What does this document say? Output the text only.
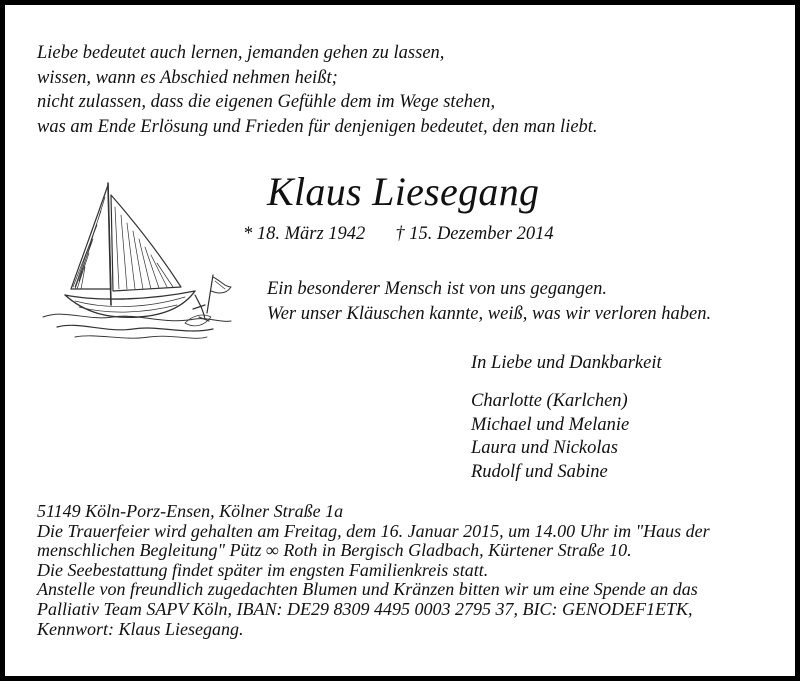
Liebe bedeutet auch lernen, jemanden gehen zu lassen,
wissen, wann es Abschied nehmen heißt;
nicht zulassen, dass die eigenen Gefühle dem im Wege stehen,
was am Ende Erlösung und Frieden für denjenigen bedeutet, den man liebt.
Klaus Liesegang
* 18. März 1942 † 15. Dezember 2014
Ein besonderer Mensch ist von uns gegangen.
Wer unser Kläuschen kannte, weiß, was wir verloren haben.
In Liebe und Dankbarkeit
Charlotte (Karlchen)
Michael und Melanie
Laura und Nickolas
Rudolf und Sabine
51149 Köln-Porz-Ensen, Kölner Straße 1a
Die Trauerfeier wird gehalten am Freitag, dem 16. Januar 2015, um 14.00 Uhr im "Haus der
menschlichen Begleitung" Pütz ∞ Roth in Bergisch Gladbach, Kürtener Straße 10.
Die Seebestattung findet später im engsten Familienkreis statt.
Anstelle von freundlich zugedachten Blumen und Kränzen bitten wir um eine Spende an das
Palliativ Team SAPV Köln, IBAN: DE29 8309 4495 0003 2795 37, BIC: GENODEF1ETK,
Kennwort: Klaus Liesegang.
